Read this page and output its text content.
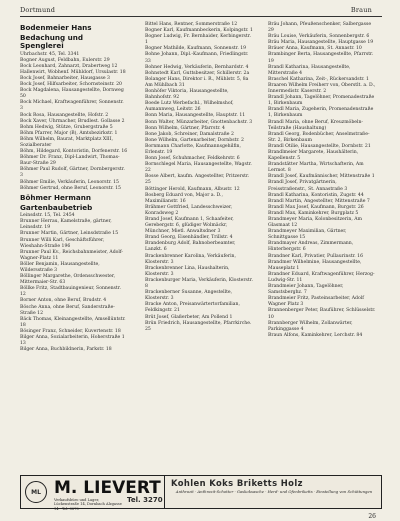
Dortmund	Braun
Bodenmeier Hans
Bedachung und Spenglerei
Uhrbachstr. 45, Tel. 3341
Bogner August, Feldbahn, Eulerstr. 29
Bock Leonhard, Zahnarzt, Drabertweg 12 Hallenwirt, Wobhenf. Mühldorf, Ursulastr. 18
Bock Josef, Bahnarbeiter, Hausgasse 3
Bock Josef, Hilfsarbeiter, Schornsteinstr. 20
Bock Magdalena, Hausangestellte, Dornweg 50
Bock Michael, Kraftwagenführer, Sonnenstr. 3
Bock Rosa, Hausangestellte, Hofstr. 2
Bock Xaver, Uhrmacher, Brudlest. Gollasse 2
Bohm Hedwig, Stütze, Grubergstraße 5
Böhm Pfarrer, Major (B), Amtsbezirkstr. 1 Böhm Wilhelm, Baurat, Marktplatz XIII, Sozialberater
Böhm, Hildegard, Kontoristin, Dorfenerstr. 16
Böhmer Dr. Franz, Dipl-Landwirt, Thomas-Baur-Straße 29
Böhmer Paul Rudolf, Gärtner, Dornbergerstr. 3
Böhmer Emilie, Verkäuferin, Leonorstr. 15
Böhmer Gertrud, ohne Beruf, Leonorstr. 15
Böhmer Hermann
Gartenbaubetrieb
Leinsdstr. 15, Tel. 2454
Brunner Herrau, Kamelstraße, gärtner, Leinsdstr. 19
Brunner Martin, Gärtner, Leinsdstraße 15
Brunner Willi Karl, Geschäftsführer, Wieshahn-Straße 196
Brunner Paul Kv., Reichsbahnmeister, Adolf-Wagner-Platz 11
Böller Benjamin, Hausangestellte, Wildersstraße 3
Böllinger Margarethe, Ordensschwester, Mittermaier-Str. 63
Böllke Fritz, Stadtbauingenieur, Sonnenstr. 12
Borner Anton, ohne Beruf, Brudstr. 4
Bösche Anna, ohne Beruf, Sanderstraße-Straße 12
Bäck Thomas, Kleinangestellte, Amsellüntstr. 18
Bösinger Franz, Schneider, Kuvertenstr. 18
Bilger Anna, Sozialarbeiterin, Hoherstraße 1 13
Bilger Anna, Buchbildnerin, Parkstr. 18
Bittel Hans, Rentner, Sommerstraße 12
Bogner Karl, Kaufmannbeckerin, Kolpingstr. 1
Bogner Ludwig, Fr. Bernhaider, Kerbingerstr. 1
Bogner Mathilde, Kaufmann, Sonnenstr. 19
Bohne Johann, Dipl.-Kaufmann, Friedlingstr. 33
Bohner Hedwig, Verkäuferin, Bernhardstr. 4
Bohnstedt Karl, Guttsbesitzer, Schillerstr. 2a
Bolanger Hans, Direktor i. R., Mühlstr. 5, 8a
Am Mühlbach 31
Bonhöfer Viktoria, Hausangestellte, Bahnhofstr. 92
Boede Lutz Werbefachl., Wilhelmshof, Aumannweg, Leitstr. 26
Bonn Maria, Hausangestellte, Hauptstr. 11
Bonn Walter, Münzarbeiter, Gnottenbachstr. 3
Bonn Wilhelm, Gärtner, Pfarrstr. 4
Bone Jakob, Schreiner, Damalstraße 2
Bone Wilhelm, Gartenarbeiter, Dornbstr. 2
Bornmann Charlotte, Kaufmannsgehilfin, Erlenstr. 19
Bonn Josef, Schuhmacher, Feldkehrstr. 6
Bornschlegel Maria, Hausangestellte, Wagstr. 22
Bosse Albert, kaufm. Angestellter, Pritzerstr. 25
Böttinger Herold, Kaufmann, Albustr. 12
Bosberg Eduard von, Major a. D., Maximilianstr. 16
Brähmer Gottfried, Landesschweizer, Konradsweg 2
Brand Josef, Kaufmann 1, Schaafeiter, Gerebergstr. 6, glüdiger Wolmäckr, Münchner, Mietl. Anwaltsdner 3
Brand Georg, Eisenhändler, Trillstr. 4
Brandenburg Adolf, Bahnoberbeamter, Lanzkt. 6
Brackenbrenner Karolina, Verkäuferin, Klosterstr. 3
Brackenbrenner Lina, Haushalterin, Klosterstr. 3
Brackenburger Maria, Verkäuferin, Klosterstr. 8
Brackenberner Susanne, Angestellte, Klosterstr. 3
Bracke Anton, Preisanwärtertorfamilian, Feldkingstr. 21
Brüt Josef, Glaßerbeter, Am Pollend 1
Brün Friedrich, Hausangestellte, Pfarrkirche. 25
Bräu Johann, Pfeußenschenker, Salbergasse 29
Bräu Louise, Verkäuferin, Sonnenbergstr. 6
Bräu Maria, Hausangestellte, Hauptgasse 19
Bräuer Anna, Kaufmann, St. Annastr. 10
Brambinger Berta, Hausangestellte, Pfarrstr. 19
Brandl Katharina, Hausangestellte, Mitterstraße 4
Braschel Katharina, Zeit-, Rückersandstr. 1
Braaren Wilhelm Freiherr von, Oberstlt. a. D., Innermedistr. Kaserstr. 2
Brandl Johann, Tagelöhner, Promenadestraße 1, Birkenbaum
Brandl Maria, Zugeherin, Promenadenstraße 1, Birkenbaum
Brandl Maria, ohne Beruf, Kreuzmöbeln-Teilstraße (Haushaltung)
Brandl Georg, Bodenbücher, Anselmstraße-Str. 2, Birkenbaum
Brandl Otilie, Hausangestellte, Dornbstr. 21
Brandlmeier Margarete, Haushälterin, Kapellenstr. 5
Brandstätter Martha, Wirtschafterin, Am Lermot. 8
Brandl Josef, Kaufmännischer, Mittenstraße 1
Brandl Josef, Privatgärtnerin, Freisstraßenstr., St. Annastraße 3
Brandl Katharina, Kontoristin, Zugstr. 44
Brandl Martin, Angestellter, Mittenstraße 7
Brandl Max Josef, Kaufmann, Burgstr. 26
Brandl Max, Kaminkehrer, Burgplatz 5
Brandmeyer Maria, Kolonbesitzerin, Am Glasmaat 12
Brandmeyer Maximilian, Gärtner, Schnittgasse 15
Brandmayer Andreas, Zimmermann, Hinterbergstr. 6
Brandner Karl, Privatier, Pullaurinstr. 16
Brandmer Wilhelmine, Hausangestellte, Mauseplatz 1
Brandner Eduard, Kraftwagenführer, Herzog-Ludwig-Str. 11
Brandmeier Johann, Tagelöhner, Samstsberghz. 7
Brandmeier Fritz, Pasteinsarbeiter, Adolf Wagner Platz 3
Brannenberger Peter, Bauführer, Schlüsselstr. 10
Brannberger Wilhelm, Zollanwärter, Parkinggasse 4
Braun Alfons, Kaminkehrer, Lerchstr. 84
ML M. LIEVERT
Verkaufsbüro und Lager, Lückenstraße 14, Dornbach Alzgasse 14 · Tel. 3270
Tel. 3270
Kohlen Koks Briketts Holz
Anthrazit · Anthrazit-Schotter · Gaskoksasche · Herd- und Ofenbriketts · Einstellung von Schüttungen
26
